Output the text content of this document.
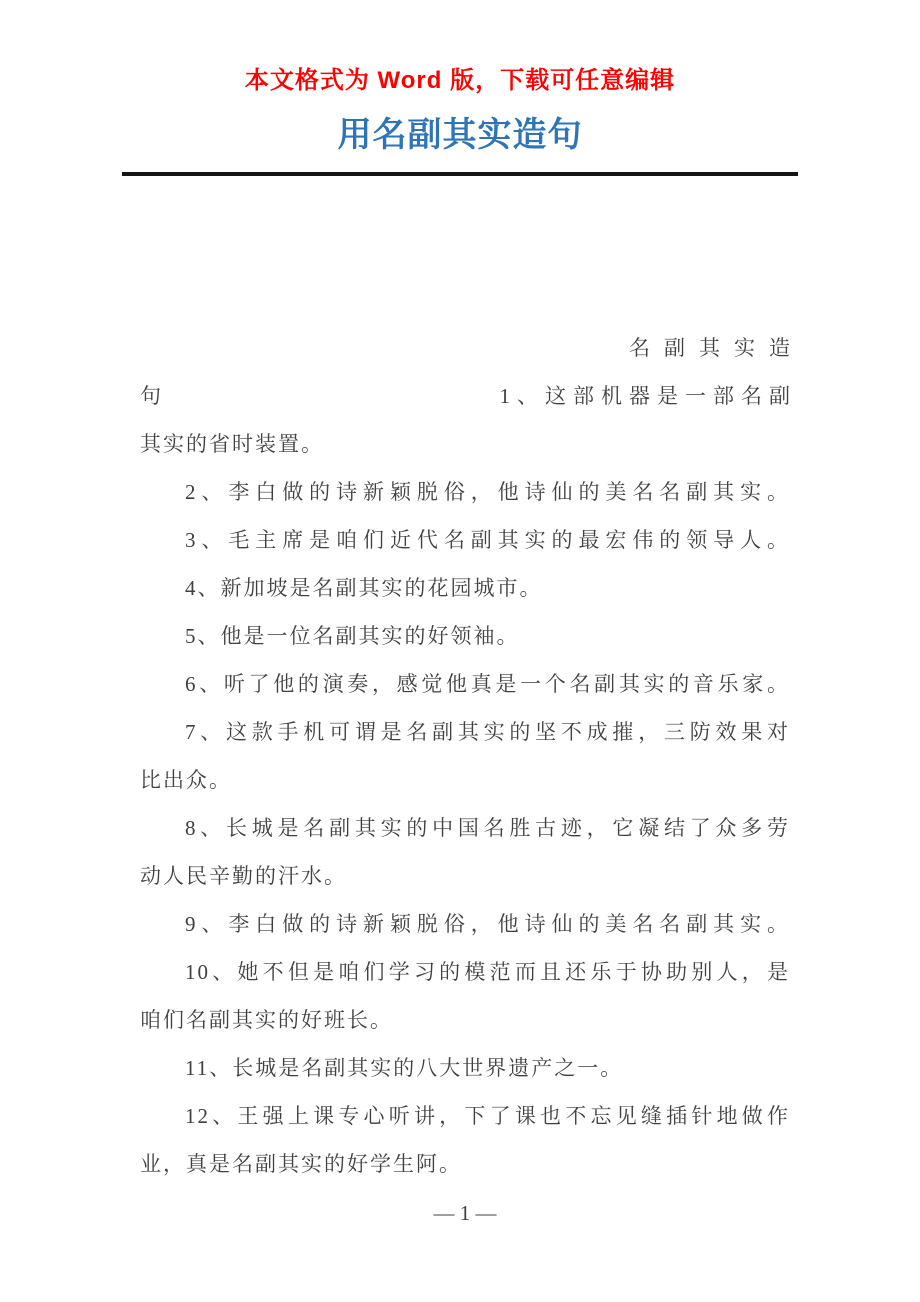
本文格式为 Word 版，下载可任意编辑
用名副其实造句
名副其实造
句	1、这部机器是一部名副
其实的省时装置。
2、李白做的诗新颖脱俗，他诗仙的美名名副其实。
3、毛主席是咱们近代名副其实的最宏伟的领导人。
4、新加坡是名副其实的花园城市。
5、他是一位名副其实的好领袖。
6、听了他的演奏，感觉他真是一个名副其实的音乐家。
7、这款手机可谓是名副其实的坚不成摧，三防效果对
比出众。
8、长城是名副其实的中国名胜古迹，它凝结了众多劳
动人民辛勤的汗水。
9、李白做的诗新颖脱俗，他诗仙的美名名副其实。
10、她不但是咱们学习的模范而且还乐于协助别人，是
咱们名副其实的好班长。
11、长城是名副其实的八大世界遗产之一。
12、王强上课专心听讲，下了课也不忘见缝插针地做作
业，真是名副其实的好学生阿。
— 1 —
